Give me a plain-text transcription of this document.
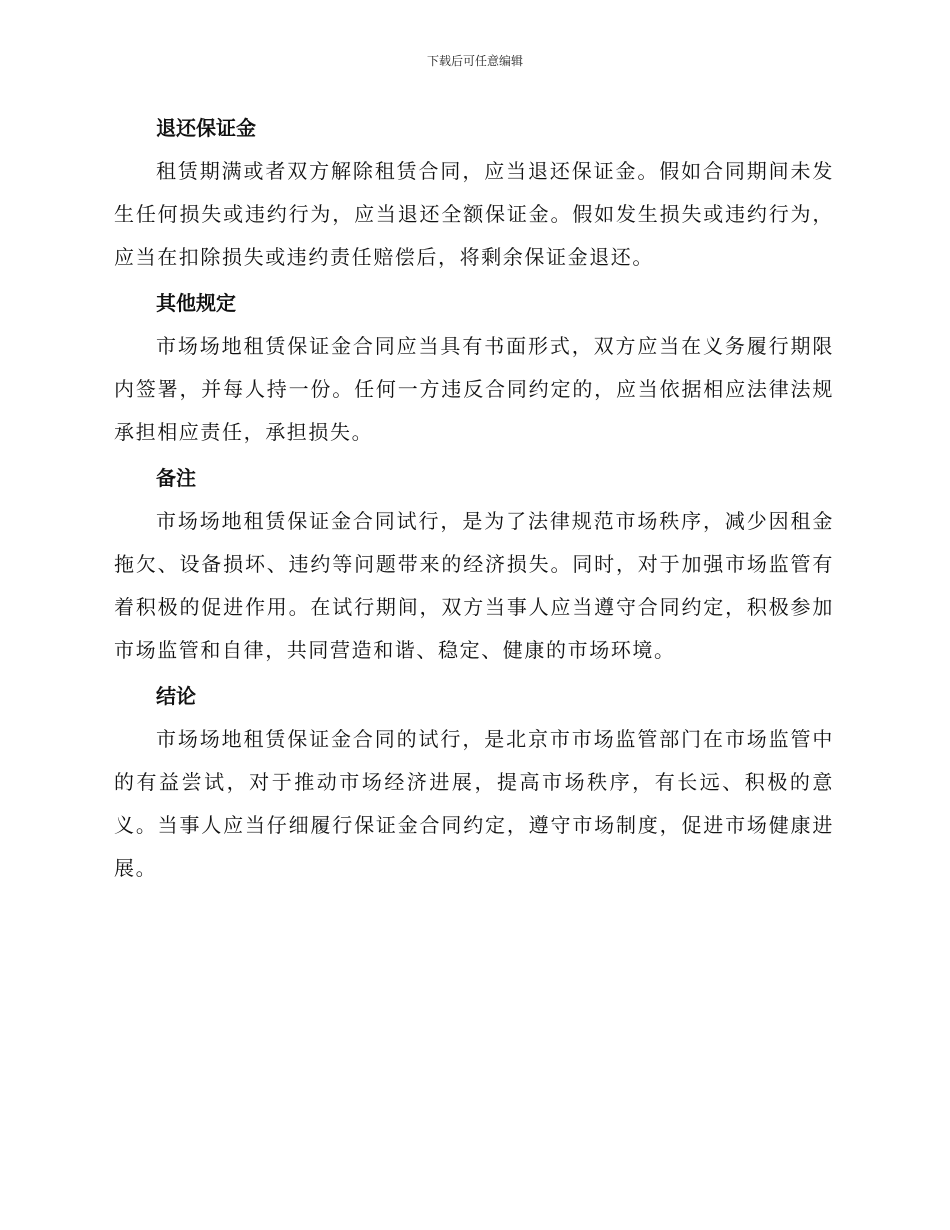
下载后可任意编辑
退还保证金

租赁期满或者双方解除租赁合同，应当退还保证金。假如合同期间未发生任何损失或违约行为，应当退还全额保证金。假如发生损失或违约行为，应当在扣除损失或违约责任赔偿后，将剩余保证金退还。

其他规定

市场场地租赁保证金合同应当具有书面形式，双方应当在义务履行期限内签署，并每人持一份。任何一方违反合同约定的，应当依据相应法律法规承担相应责任，承担损失。

备注

市场场地租赁保证金合同试行，是为了法律规范市场秩序，减少因租金拖欠、设备损坏、违约等问题带来的经济损失。同时，对于加强市场监管有着积极的促进作用。在试行期间，双方当事人应当遵守合同约定，积极参加市场监管和自律，共同营造和谐、稳定、健康的市场环境。

结论

市场场地租赁保证金合同的试行，是北京市市场监管部门在市场监管中的有益尝试，对于推动市场经济进展，提高市场秩序，有长远、积极的意义。当事人应当仔细履行保证金合同约定，遵守市场制度，促进市场健康进展。
